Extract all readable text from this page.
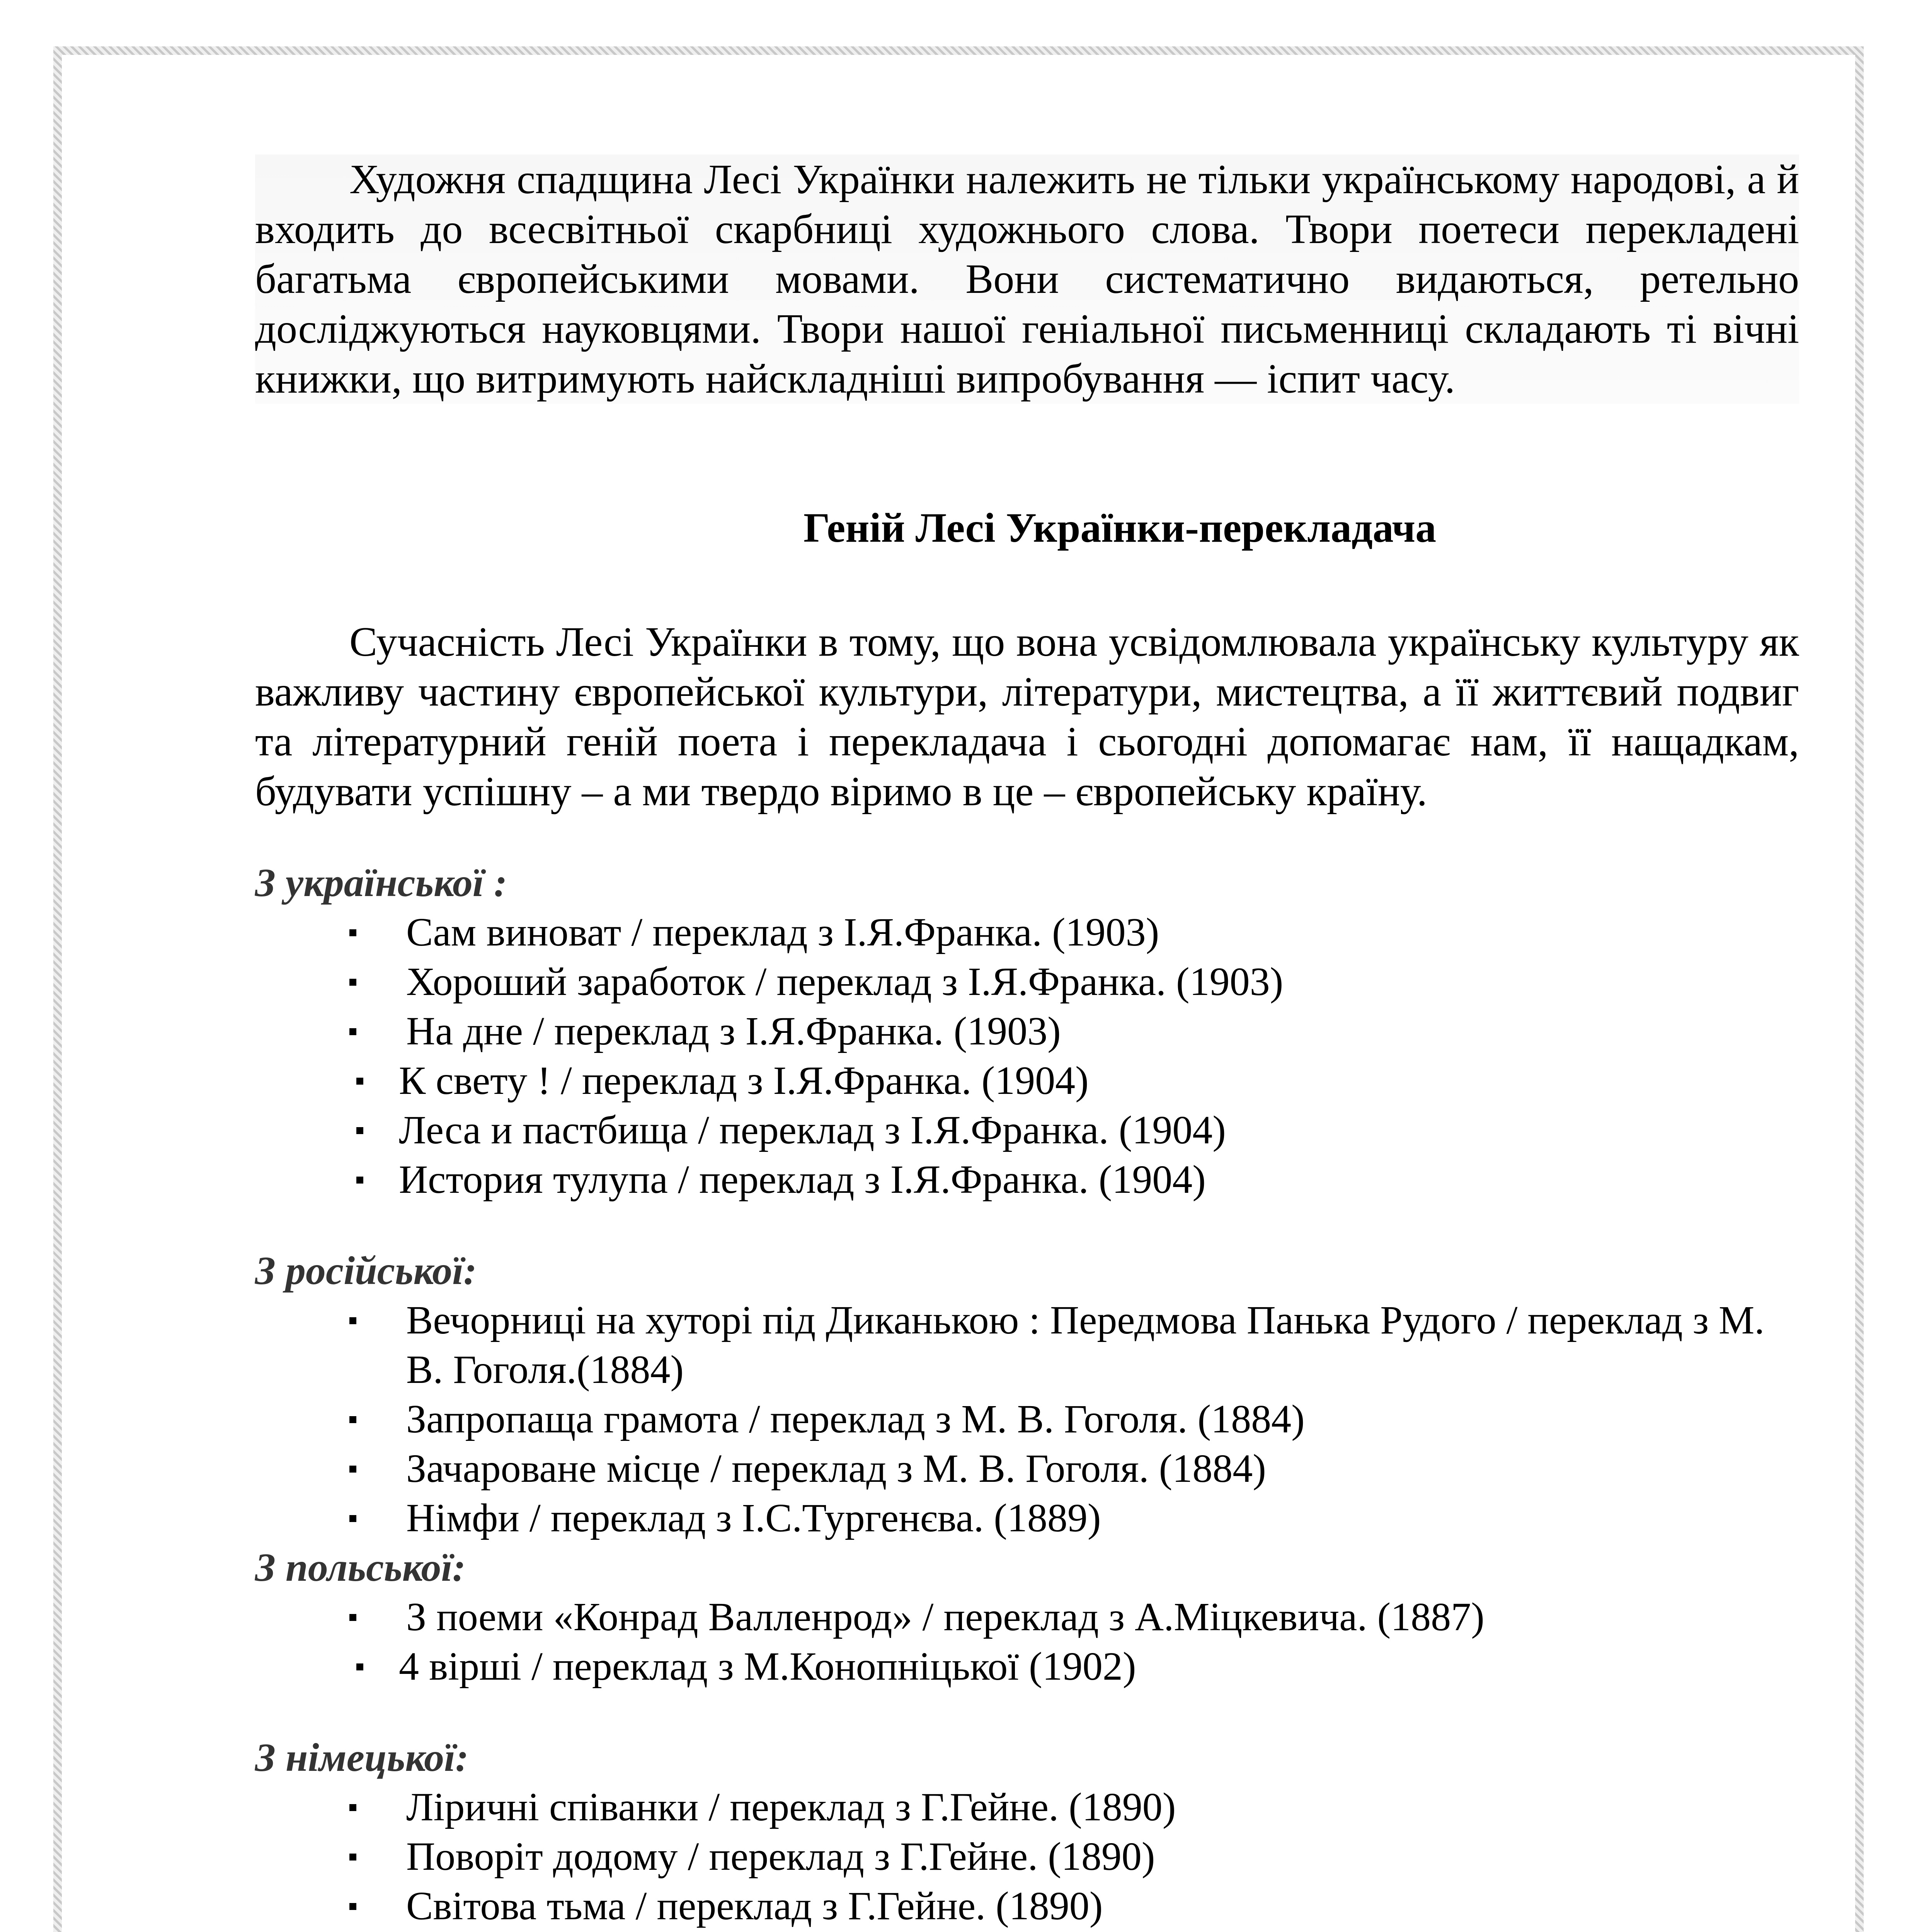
Художня спадщина Лесі Українки належить не тільки українському народові, а й входить до всесвітньої скарбниці художнього слова. Твори поетеси перекладені багатьма європейськими мовами. Вони систематично видаються, ретельно досліджуються науковцями. Твори нашої геніальної письменниці складають ті вічні книжки, що витримують найскладніші випробування — іспит часу.

Геній Лесі Українки-перекладача

Сучасність Лесі Українки в тому, що вона усвідомлювала українську культуру як важливу частину європейської культури, літератури, мистецтва, а її життєвий подвиг та літературний геній поета і перекладача і сьогодні допомагає нам, її нащадкам, будувати успішну – а ми твердо віримо в це – європейську країну.

З української :

Сам виноват / переклад з І.Я.Франка. (1903)
Хороший заработок / переклад з І.Я.Франка. (1903)
На дне / переклад з І.Я.Франка. (1903)
К свету ! / переклад з І.Я.Франка. (1904)
Леса и пастбища / переклад з І.Я.Франка. (1904)
История тулупа / переклад з І.Я.Франка. (1904)

З російської:

Вечорниці на хуторі під Диканькою : Передмова Панька Рудого / переклад з М. В. Гоголя.(1884)
Запропаща грамота / переклад з М. В. Гоголя. (1884)
Зачароване місце / переклад з М. В. Гоголя. (1884)
Німфи / переклад з І.С.Тургенєва. (1889)

З польської:

З поеми «Конрад Валленрод» / переклад з А.Міцкевича. (1887)
4 вірші / переклад з М.Конопніцької (1902)

З німецької:

Ліричні співанки / переклад з Г.Гейне. (1890)
Поворіт додому / переклад з Г.Гейне. (1890)
Світова тьма / переклад з Г.Гейне. (1890)
